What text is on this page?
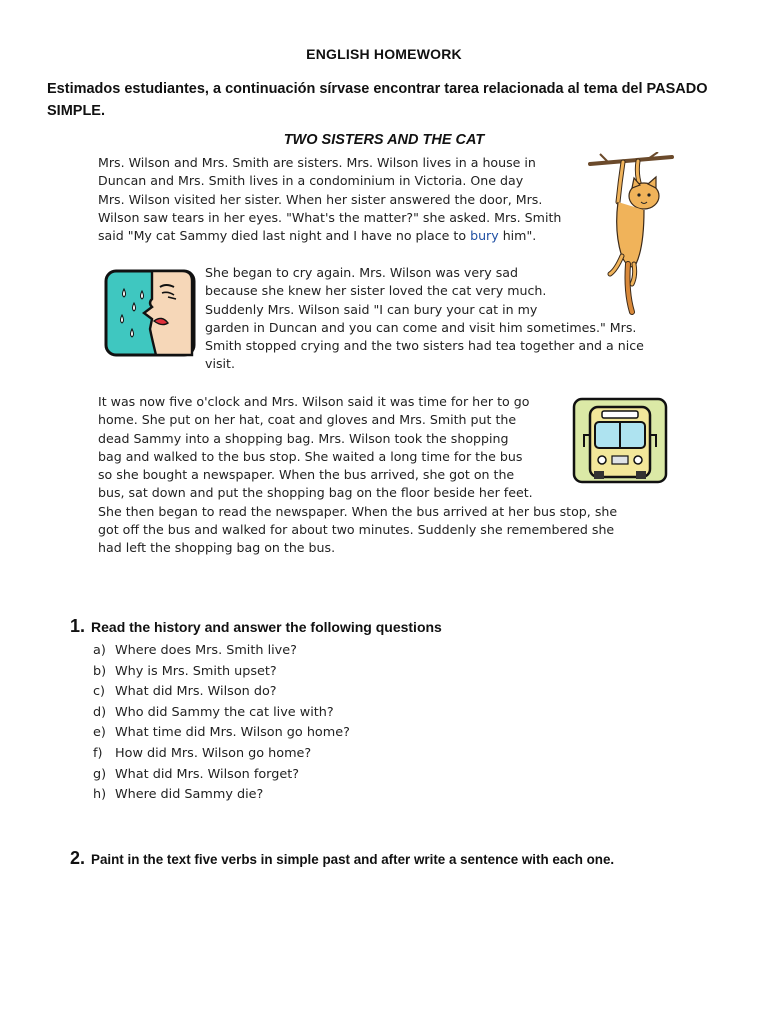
ENGLISH HOMEWORK
Estimados estudiantes, a continuación sírvase encontrar tarea relacionada al tema del PASADO SIMPLE.
TWO SISTERS AND THE CAT
Mrs. Wilson and Mrs. Smith are sisters. Mrs. Wilson lives in a house in
Duncan and Mrs. Smith lives in a condominium in Victoria. One day
Mrs. Wilson visited her sister. When her sister answered the door, Mrs.
Wilson saw tears in her eyes. "What's the matter?" she asked. Mrs. Smith
said "My cat Sammy died last night and I have no place to bury him".
She began to cry again. Mrs. Wilson was very sad
because she knew her sister loved the cat very much.
Suddenly Mrs. Wilson said "I can bury your cat in my
garden in Duncan and you can come and visit him sometimes." Mrs.
Smith stopped crying and the two sisters had tea together and a nice
visit.
It was now five o'clock and Mrs. Wilson said it was time for her to go
home. She put on her hat, coat and gloves and Mrs. Smith put the
dead Sammy into a shopping bag. Mrs. Wilson took the shopping
bag and walked to the bus stop. She waited a long time for the bus
so she bought a newspaper. When the bus arrived, she got on the
bus, sat down and put the shopping bag on the floor beside her feet.
She then began to read the newspaper. When the bus arrived at her bus stop, she
got off the bus and walked for about two minutes. Suddenly she remembered she
had left the shopping bag on the bus.
1. Read the history and answer the following questions
a) Where does Mrs. Smith live?
b) Why is Mrs. Smith upset?
c) What did Mrs. Wilson do?
d) Who did Sammy the cat live with?
e) What time did Mrs. Wilson go home?
f) How did Mrs. Wilson go home?
g) What did Mrs. Wilson forget?
h) Where did Sammy die?
2. Paint in the text five verbs in simple past and after write a sentence with each one.
